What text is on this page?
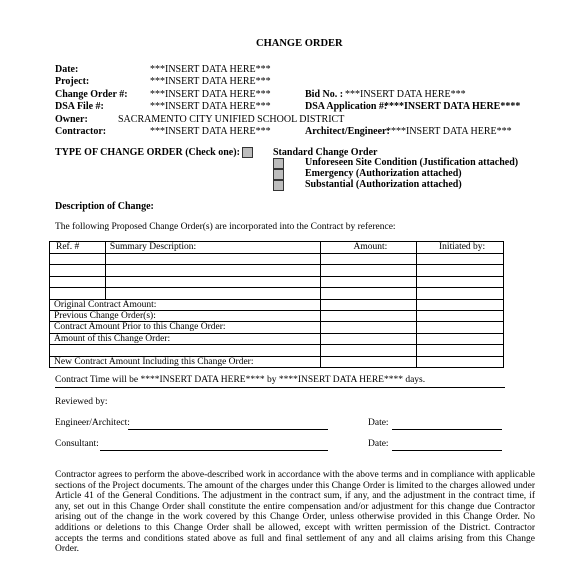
CHANGE ORDER
Date:	***INSERT DATA HERE***
Project:	***INSERT DATA HERE***
Change Order #: ***INSERT DATA HERE***	Bid No. : ***INSERT DATA HERE***
DSA File #:	***INSERT DATA HERE***	DSA Application #:
****INSERT DATA HERE****
Owner:	SACRAMENTO CITY UNIFIED SCHOOL DISTRICT
Contractor:	***INSERT DATA HERE***	Architect/Engineer:
****INSERT DATA HERE***
TYPE OF CHANGE ORDER (Check one):	Standard Change Order
Unforeseen Site Condition (Justification attached)
Emergency (Authorization attached)
Substantial (Authorization attached)
Description of Change:
The following Proposed Change Order(s) are incorporated into the Contract by reference:
Ref. #	Summary Description:	Amount:	Initiated by:

Original Contract Amount:			
Previous Change Order(s):			
Contract Amount Prior to this Change Order:			
Amount of this Change Order:			

New Contract Amount Including this Change Order:			
Contract Time will be ****INSERT DATA HERE**** by ****INSERT DATA HERE**** days.
Reviewed by:
Engineer/Architect:	Date:
Consultant:	Date:
Contractor agrees to perform the above-described work in accordance with the above terms and in compliance with applicable sections of the Project documents. The amount of the charges under this Change Order is limited to the charges allowed under Article 41 of the General Conditions. The adjustment in the contract sum, if any, and the adjustment in the contract time, if any, set out in this Change Order shall constitute the entire compensation and/or adjustment for this change due Contractor arising out of the change in the work covered by this Change Order, unless otherwise provided in this Change Order. No additions or deletions to this Change Order shall be allowed, except with written permission of the District. Contractor accepts the terms and conditions stated above as full and final settlement of any and all claims arising from this Change Order.
